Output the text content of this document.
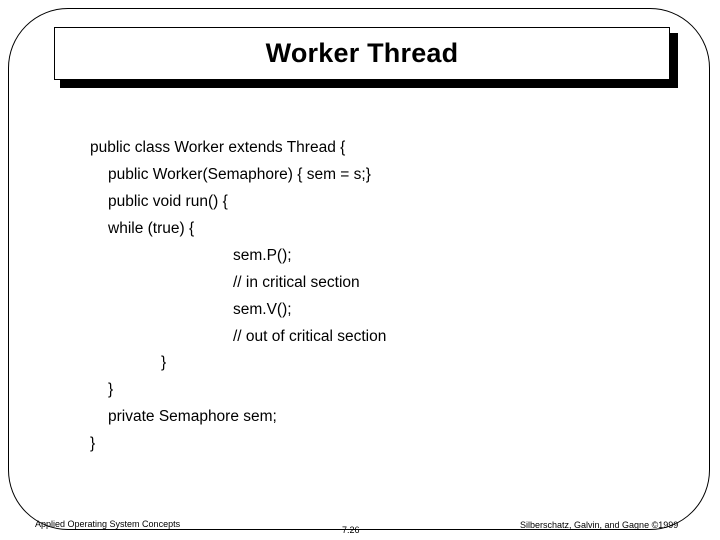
Worker Thread
public class Worker extends Thread {
public Worker(Semaphore) { sem = s;}
public void run() {
while (true) {
sem.P();
// in critical section
sem.V();
// out of critical section
}
}
private Semaphore sem;
}
Applied Operating System Concepts
7.26	Silberschatz, Galvin, and Gagne ©1999
